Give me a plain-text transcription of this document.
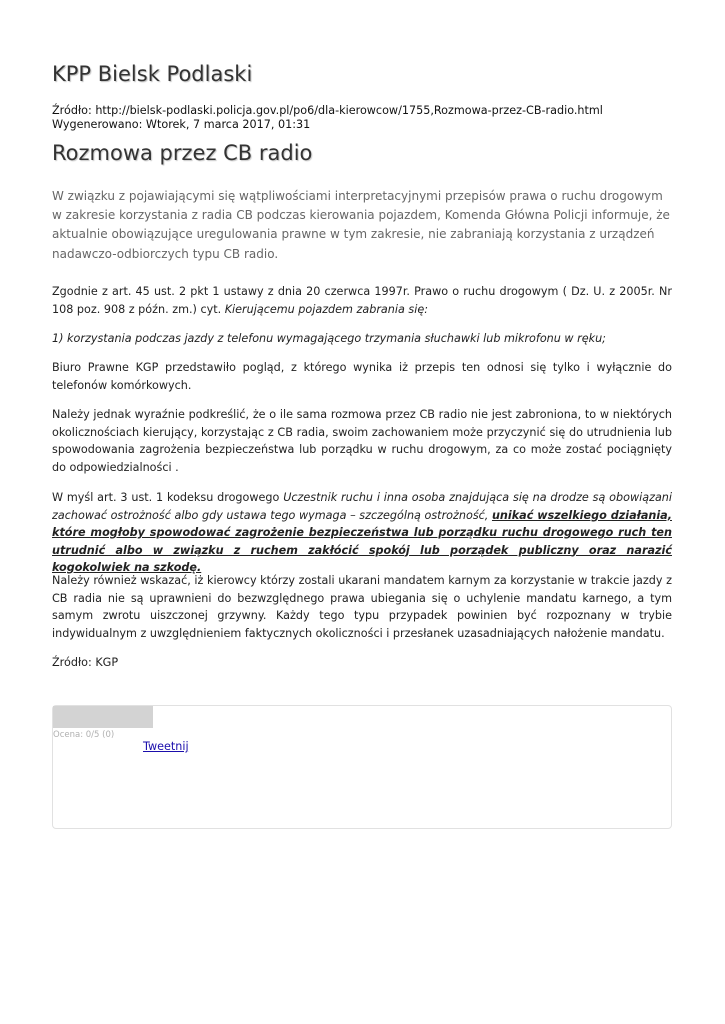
KPP Bielsk Podlaski
Źródło: http://bielsk-podlaski.policja.gov.pl/po6/dla-kierowcow/1755,Rozmowa-przez-CB-radio.html
Wygenerowano: Wtorek, 7 marca 2017, 01:31
Rozmowa przez CB radio

W związku z pojawiającymi się wątpliwościami interpretacyjnymi przepisów prawa o ruchu drogowym w zakresie korzystania z radia CB podczas kierowania pojazdem, Komenda Główna Policji informuje, że aktualnie obowiązujące uregulowania prawne w tym zakresie, nie zabraniają korzystania z urządzeń nadawczo-odbiorczych typu CB radio.

Zgodnie z art. 45 ust. 2 pkt 1 ustawy z dnia 20 czerwca 1997r. Prawo o ruchu drogowym ( Dz. U. z 2005r. Nr 108 poz. 908 z późn. zm.) cyt. Kierującemu pojazdem zabrania się:

1) korzystania podczas jazdy z telefonu wymagającego trzymania słuchawki lub mikrofonu w ręku;

Biuro Prawne KGP przedstawiło pogląd, z którego wynika iż przepis ten odnosi się tylko i wyłącznie do telefonów komórkowych.

Należy jednak wyraźnie podkreślić, że o ile sama rozmowa przez CB radio nie jest zabroniona, to w niektórych okolicznościach kierujący, korzystając z CB radia, swoim zachowaniem może przyczynić się do utrudnienia lub spowodowania zagrożenia bezpieczeństwa lub porządku w ruchu drogowym, za co może zostać pociągnięty do odpowiedzialności .

W myśl art. 3 ust. 1 kodeksu drogowego Uczestnik ruchu i inna osoba znajdująca się na drodze są obowiązani zachować ostrożność albo gdy ustawa tego wymaga – szczególną ostrożność, unikać wszelkiego działania, które mogłoby spowodować zagrożenie bezpieczeństwa lub porządku ruchu drogowego ruch ten utrudnić albo w związku z ruchem zakłócić spokój lub porządek publiczny oraz narazić kogokolwiek na szkodę.

Należy również wskazać, iż kierowcy którzy zostali ukarani mandatem karnym za korzystanie w trakcie jazdy z CB radia nie są uprawnieni do bezwzględnego prawa ubiegania się o uchylenie mandatu karnego, a tym samym zwrotu uiszczonej grzywny. Każdy tego typu przypadek powinien być rozpoznany w trybie indywidualnym z uwzględnieniem faktycznych okoliczności i przesłanek uzasadniających nałożenie mandatu.

Źródło: KGP

Ocena: 0/5 (0)
Tweetnij
